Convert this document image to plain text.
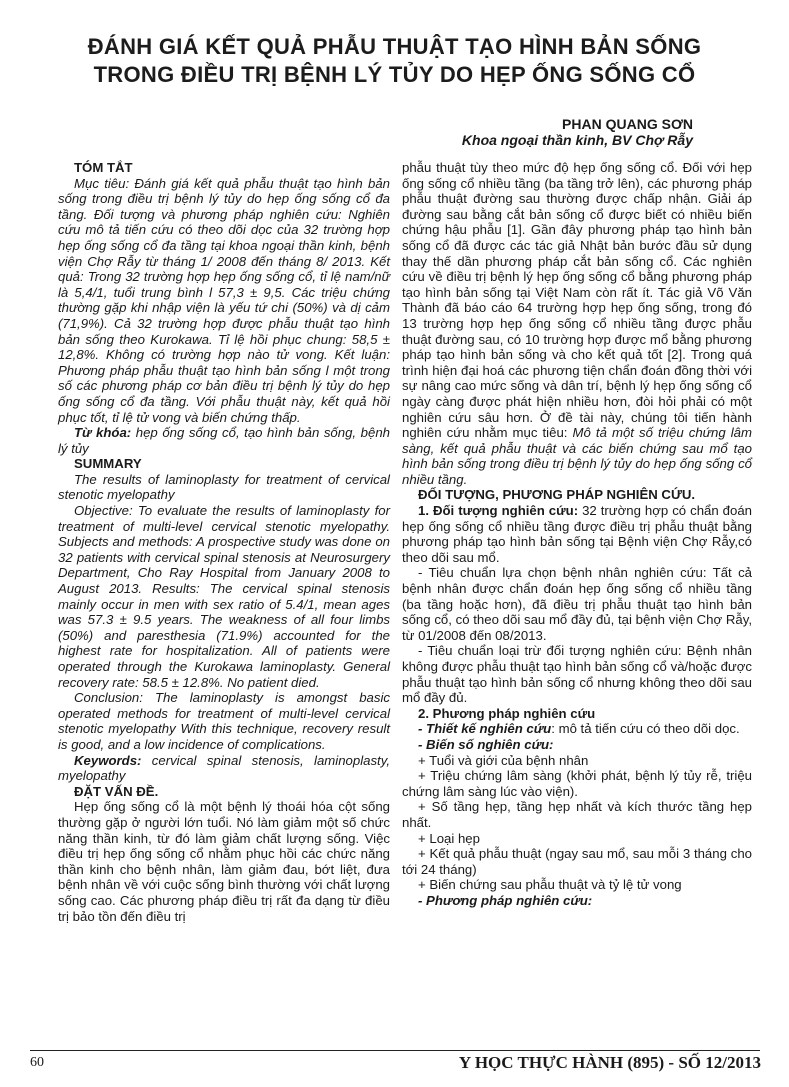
ĐÁNH GIÁ KẾT QUẢ PHẪU THUẬT TẠO HÌNH BẢN SỐNG
TRONG ĐIỀU TRỊ BỆNH LÝ TỦY DO HẸP ỐNG SỐNG CỔ
PHAN QUANG SƠN
Khoa ngoại thần kinh, BV Chợ Rẫy

TÓM TẮT

Mục tiêu: Đánh giá kết quả phẫu thuật tạo hình bản sống trong điều trị bệnh lý tủy do hẹp ống sống cổ đa tầng. Đối tượng và phương pháp nghiên cứu: Nghiên cứu mô tả tiến cứu có theo dõi dọc của 32 trường hợp hẹp ống sống cổ đa tầng tại khoa ngoại thần kinh, bệnh viện Chợ Rẫy từ tháng 1/ 2008 đến tháng 8/ 2013. Kết quả: Trong 32 trường hợp hẹp ống sống cổ, tỉ lệ nam/nữ là 5,4/1, tuổi trung bình l 57,3 ± 9,5. Các triệu chứng thường gặp khi nhập viện là yếu tứ chi (50%) và dị cảm (71,9%). Cả 32 trường hợp được phẫu thuật tạo hình bản sống theo Kurokawa. Tỉ lệ hồi phục chung: 58,5 ± 12,8%. Không có trường hợp nào tử vong. Kết luận: Phương pháp phẫu thuật tạo hình bản sống l một trong số các phương pháp cơ bản điều trị bệnh lý tủy do hẹp ống sống cổ đa tầng. Với phẫu thuật này, kết quả hồi phục tốt, tỉ lệ tử vong và biến chứng thấp.

Từ khóa: hẹp ống sống cổ, tạo hình bản sống, bệnh lý tủy

SUMMARY

The results of laminoplasty for treatment of cervical stenotic myelopathy

Objective: To evaluate the results of laminoplasty for treatment of multi-level cervical stenotic myelopathy. Subjects and methods: A prospective study was done on 32 patients with cervical spinal stenosis at Neurosurgery Department, Cho Ray Hospital from January 2008 to August 2013. Results: The cervical spinal stenosis mainly occur in men with sex ratio of 5.4/1, mean ages was 57.3 ± 9.5 years. The weakness of all four limbs (50%) and paresthesia (71.9%) accounted for the highest rate for hospitalization. All of patients were operated through the Kurokawa laminoplasty. General recovery rate: 58.5 ± 12.8%. No patient died.

Conclusion: The laminoplasty is amongst basic operated methods for treatment of multi-level cervical stenotic myelopathy With this technique, recovery result is good, and a low incidence of complications.

Keywords: cervical spinal stenosis, laminoplasty, myelopathy

ĐẶT VẤN ĐỀ.

Hẹp ống sống cổ là một bệnh lý thoái hóa cột sống thường gặp ở người lớn tuổi. Nó làm giảm một số chức năng thần kinh, từ đó làm giảm chất lượng sống. Việc điều trị hẹp ống sống cổ nhằm phục hồi các chức năng thần kinh cho bệnh nhân, làm giảm đau, bớt liệt, đưa bệnh nhân về với cuộc sống bình thường với chất lượng sống cao. Các phương pháp điều trị rất đa dạng từ điều trị bảo tồn đến điều trị

phẫu thuật tùy theo mức độ hẹp ống sống cổ. Đối với hẹp ống sống cổ nhiều tầng (ba tầng trở lên), các phương pháp phẫu thuật đường sau thường được chấp nhận. Giải áp đường sau bằng cắt bản sống cổ được biết có nhiều biến chứng hậu phẫu [1]. Gần đây phương pháp tạo hình bản sống cổ đã được các tác giả Nhật bản bước đầu sử dụng thay thế dần phương pháp cắt bản sống cổ. Các nghiên cứu về điều trị bệnh lý hẹp ống sống cổ bằng phương pháp tạo hình bản sống tại Việt Nam còn rất ít. Tác giả Võ Văn Thành đã báo cáo 64 trường hợp hẹp ống sống, trong đó 13 trường hợp hẹp ống sống cổ nhiều tầng được phẫu thuật đường sau, có 10 trường hợp được mổ bằng phương pháp tạo hình bản sống và cho kết quả tốt [2]. Trong quá trình hiện đại hoá các phương tiện chẩn đoán đồng thời với sự nâng cao mức sống và dân trí, bệnh lý hẹp ống sống cổ ngày càng được phát hiện nhiều hơn, đòi hỏi phải có một nghiên cứu sâu hơn. Ở đề tài này, chúng tôi tiến hành nghiên cứu nhằm mục tiêu: Mô tả một số triệu chứng lâm sàng, kết quả phẫu thuật và các biến chứng sau mổ tạo hình bản sống trong điều trị bệnh lý tủy do hẹp ống sống cổ nhiều tầng.

ĐỐI TƯỢNG, PHƯƠNG PHÁP NGHIÊN CỨU.

1. Đối tượng nghiên cứu: 32 trường hợp có chẩn đoán hẹp ống sống cổ nhiều tầng được điều trị phẫu thuật bằng phương pháp tạo hình bản sống tại Bệnh viện Chợ Rẫy,có theo dõi sau mổ.

- Tiêu chuẩn lựa chọn bệnh nhân nghiên cứu: Tất cả bệnh nhân được chẩn đoán hẹp ống sống cổ nhiều tầng (ba tầng hoặc hơn), đã điều trị phẫu thuật tạo hình bản sống cổ, có theo dõi sau mổ đầy đủ, tại bệnh viện Chợ Rẫy, từ 01/2008 đến 08/2013.

- Tiêu chuẩn loại trừ đối tượng nghiên cứu: Bệnh nhân không được phẫu thuật tạo hình bản sống cổ và/hoặc được phẫu thuật tạo hình bản sống cổ nhưng không theo dõi sau mổ đầy đủ.

2. Phương pháp nghiên cứu

- Thiết kế nghiên cứu: mô tả tiến cứu có theo dõi dọc.

- Biến số nghiên cứu:

+ Tuổi và giới của bệnh nhân

+ Triệu chứng lâm sàng (khởi phát, bệnh lý tủy rễ, triệu chứng lâm sàng lúc vào viện).

+ Số tầng hẹp, tầng hẹp nhất và kích thước tầng hẹp nhất.

+ Loại hẹp

+ Kết quả phẫu thuật (ngay sau mổ, sau mỗi 3 tháng cho tới 24 tháng)

+ Biến chứng sau phẫu thuật và tỷ lệ tử vong

- Phương pháp nghiên cứu:

60	Y HỌC THỰC HÀNH (895) - SỐ 12/2013
